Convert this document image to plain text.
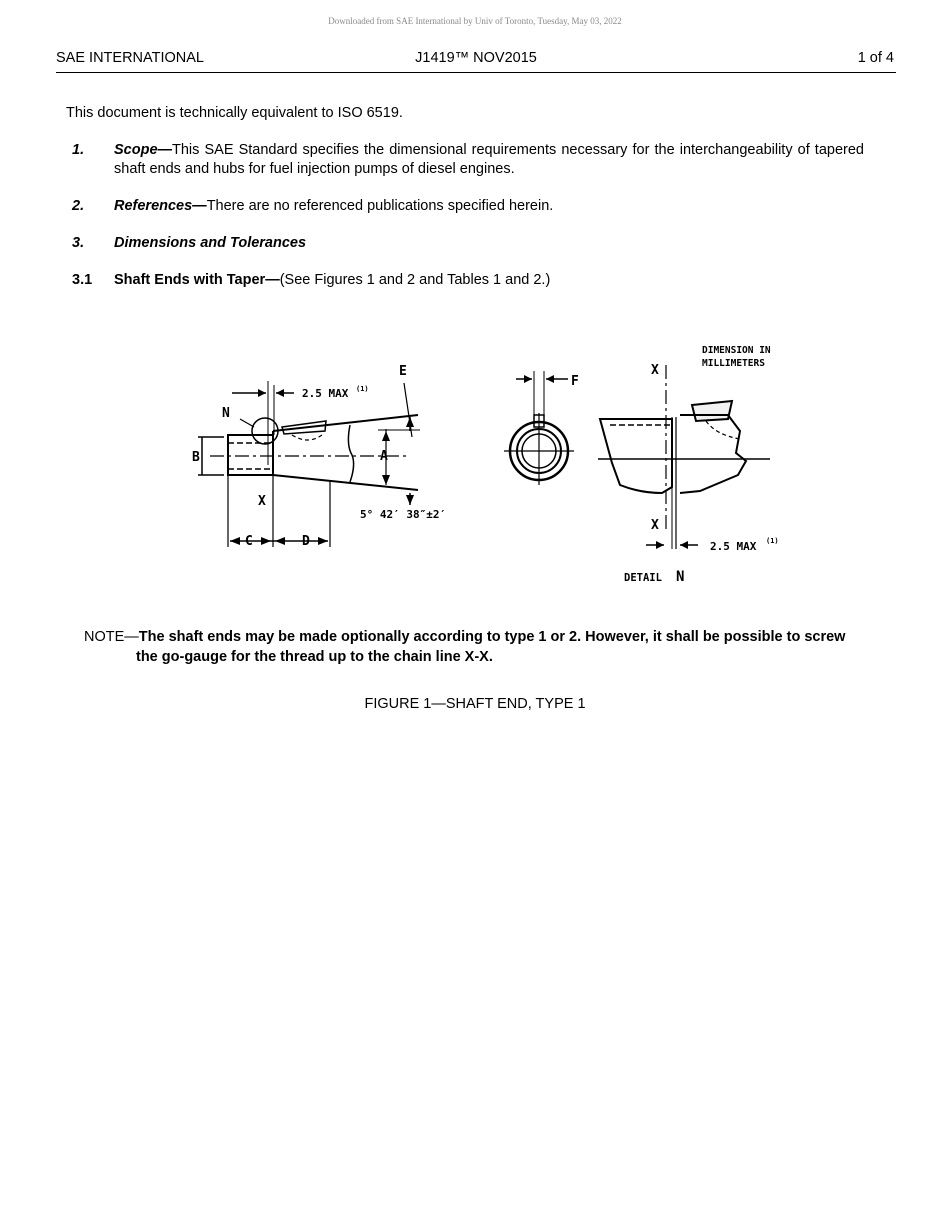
Downloaded from SAE International by Univ of Toronto, Tuesday, May 03, 2022
SAE INTERNATIONAL	J1419™ NOV2015	1 of 4
This document is technically equivalent to ISO 6519.
1. Scope—This SAE Standard specifies the dimensional requirements necessary for the interchangeability of tapered shaft ends and hubs for fuel injection pumps of diesel engines.
2. References—There are no referenced publications specified herein.
3. Dimensions and Tolerances
3.1 Shaft Ends with Taper—(See Figures 1 and 2 and Tables 1 and 2.)
E
N
2.5 MAX (1)
B	A
X
5° 42′ 38″±2′
C	D
F
DIMENSION IN
MILLIMETERS
X
X
2.5 MAX (1)
DETAIL N
NOTE—The shaft ends may be made optionally according to type 1 or 2. However, it shall be possible to screw
the go-gauge for the thread up to the chain line X-X.
FIGURE 1—SHAFT END, TYPE 1
